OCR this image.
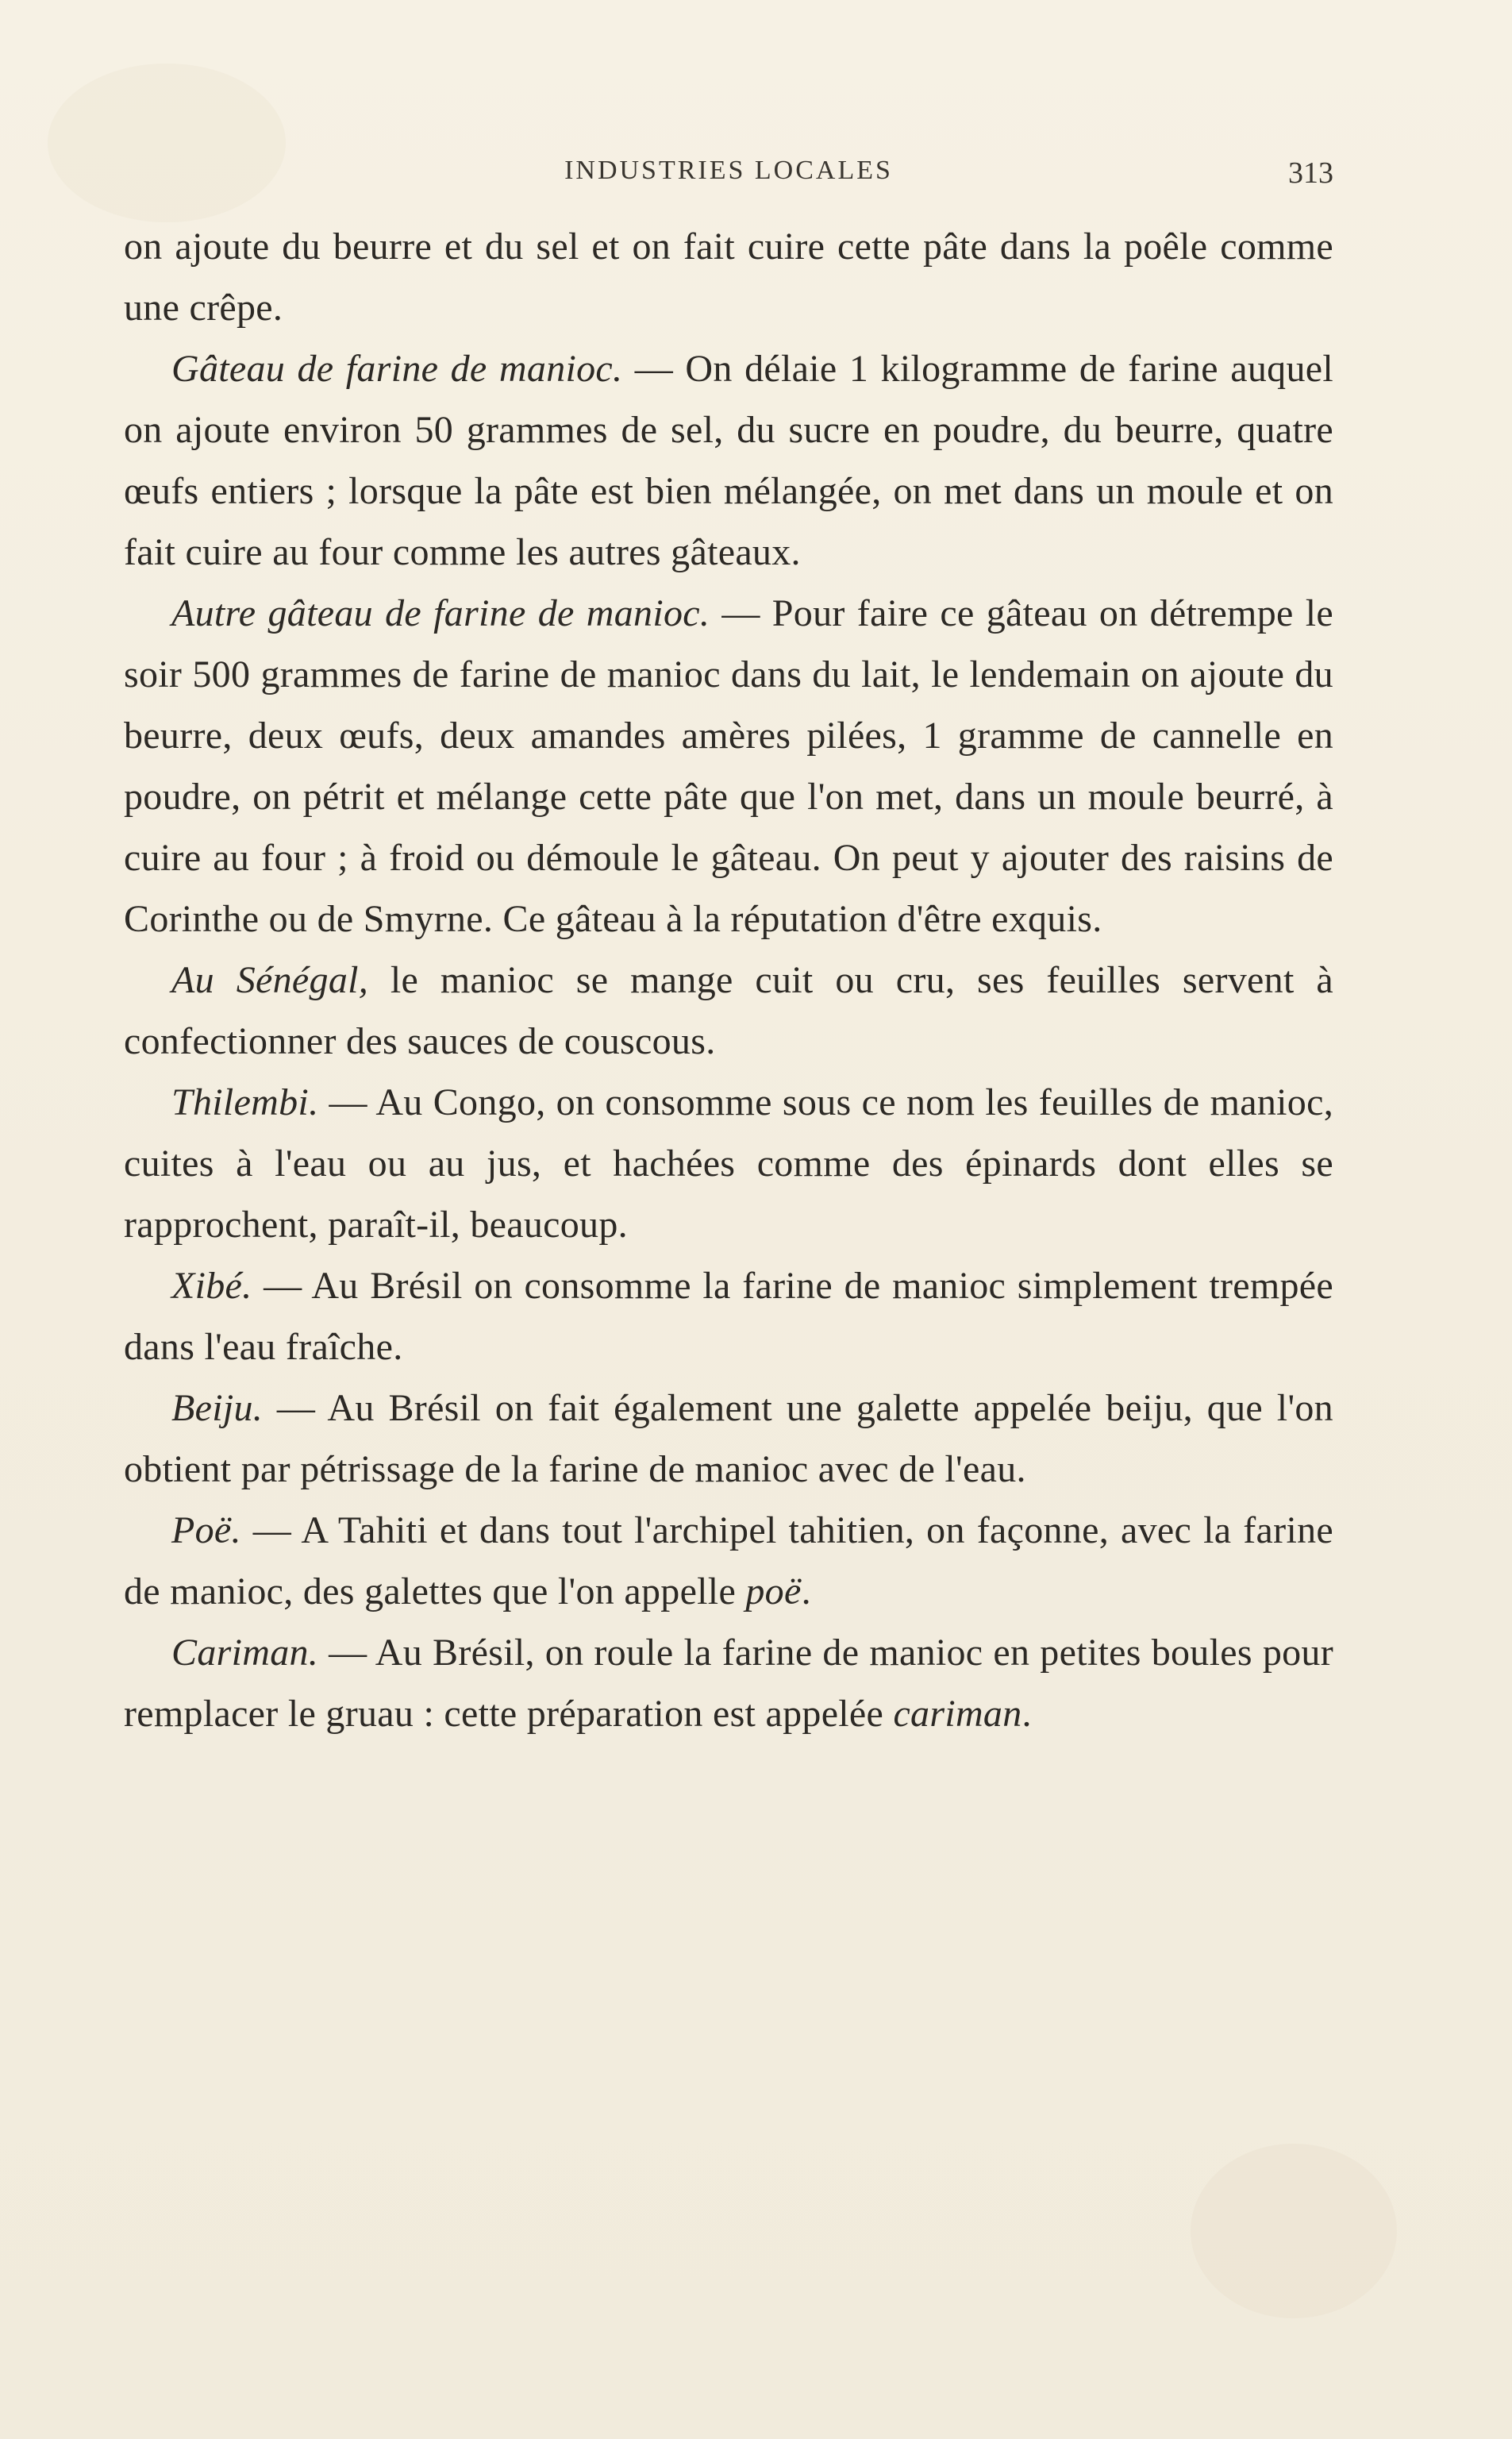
INDUSTRIES LOCALES	313

on ajoute du beurre et du sel et on fait cuire cette pâte dans la poêle comme une crêpe.

Gâteau de farine de manioc. — On délaie 1 kilogramme de farine auquel on ajoute environ 50 grammes de sel, du sucre en poudre, du beurre, quatre œufs entiers ; lorsque la pâte est bien mélangée, on met dans un moule et on fait cuire au four comme les autres gâteaux.

Autre gâteau de farine de manioc. — Pour faire ce gâteau on détrempe le soir 500 grammes de farine de manioc dans du lait, le lendemain on ajoute du beurre, deux œufs, deux amandes amères pilées, 1 gramme de cannelle en poudre, on pétrit et mélange cette pâte que l'on met, dans un moule beurré, à cuire au four ; à froid ou démoule le gâteau. On peut y ajouter des raisins de Corinthe ou de Smyrne. Ce gâteau à la réputation d'être exquis.

Au Sénégal, le manioc se mange cuit ou cru, ses feuilles servent à confectionner des sauces de couscous.

Thilembi. — Au Congo, on consomme sous ce nom les feuilles de manioc, cuites à l'eau ou au jus, et hachées comme des épinards dont elles se rapprochent, paraît-il, beaucoup.

Xibé. — Au Brésil on consomme la farine de manioc simplement trempée dans l'eau fraîche.

Beiju. — Au Brésil on fait également une galette appelée beiju, que l'on obtient par pétrissage de la farine de manioc avec de l'eau.

Poë. — A Tahiti et dans tout l'archipel tahitien, on façonne, avec la farine de manioc, des galettes que l'on appelle poë.

Cariman. — Au Brésil, on roule la farine de manioc en petites boules pour remplacer le gruau : cette préparation est appelée cariman.
